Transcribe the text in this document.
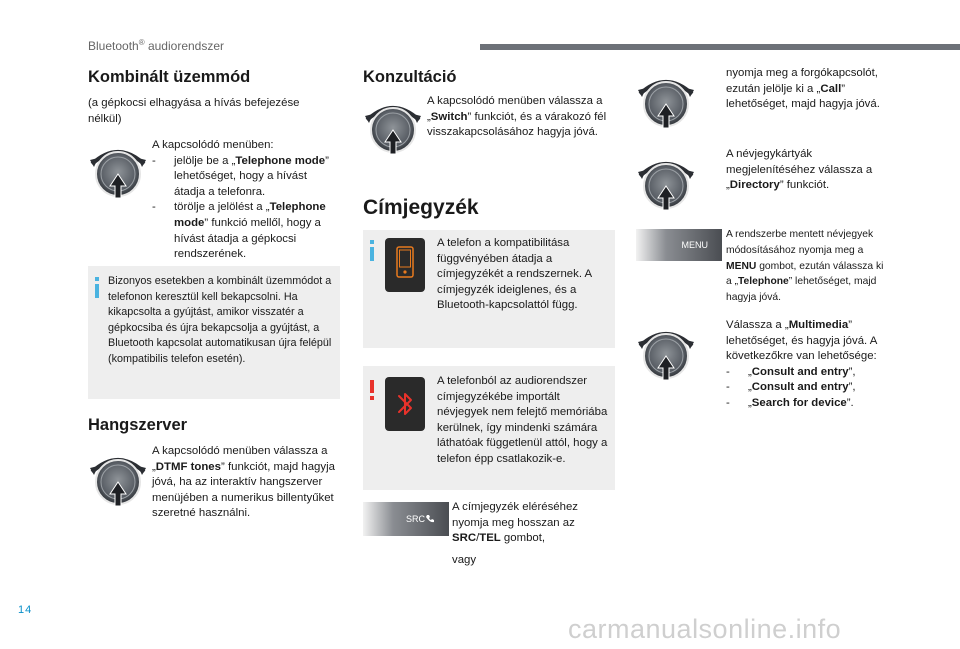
Bluetooth® audiorendszer
Kombinált üzemmód
(a gépkocsi elhagyása a hívás befejezése nélkül)
A kapcsolódó menüben:
-	jelölje be a „Telephone mode” lehetőséget, hogy a hívást átadja a telefonra.
-	törölje a jelölést a „Telephone mode” funkció mellől, hogy a hívást átadja a gépkocsi rendszerének.
Bizonyos esetekben a kombinált üzemmódot a telefonon keresztül kell bekapcsolni. Ha kikapcsolta a gyújtást, amikor visszatér a gépkocsiba és újra bekapcsolja a gyújtást, a Bluetooth kapcsolat automatikusan újra felépül (kompatibilis telefon esetén).
Hangszerver
A kapcsolódó menüben válassza a „DTMF tones” funkciót, majd hagyja jóvá, ha az interaktív hangszerver menüjében a numerikus billentyűket szeretné használni.
Konzultáció
A kapcsolódó menüben válassza a „Switch” funkciót, és a várakozó fél visszakapcsolásához hagyja jóvá.
Címjegyzék
A telefon a kompatibilitása függvényében átadja a címjegyzékét a rendszernek. A címjegyzék ideiglenes, és a Bluetooth-kapcsolattól függ.
A telefonból az audiorendszer címjegyzékébe importált névjegyek nem felejtő memóriába kerülnek, így mindenki számára láthatóak függetlenül attól, hogy a telefon épp csatlakozik-e.
SRC
A címjegyzék eléréséhez nyomja meg hosszan az SRC/TEL gombot,
vagy
nyomja meg a forgókapcsolót, ezután jelölje ki a „Call” lehetőséget, majd hagyja jóvá.
A névjegykártyák megjelenítéséhez válassza a „Directory” funkciót.
MENU
A rendszerbe mentett névjegyek módosításához nyomja meg a MENU gombot, ezután válassza ki a „Telephone” lehetőséget, majd hagyja jóvá.
Válassza a „Multimedia” lehetőséget, és hagyja jóvá. A következőkre van lehetősége:
-	„Consult and entry”,
-	„Consult and entry”,
-	„Search for device”.
14
carmanualsonline.info
